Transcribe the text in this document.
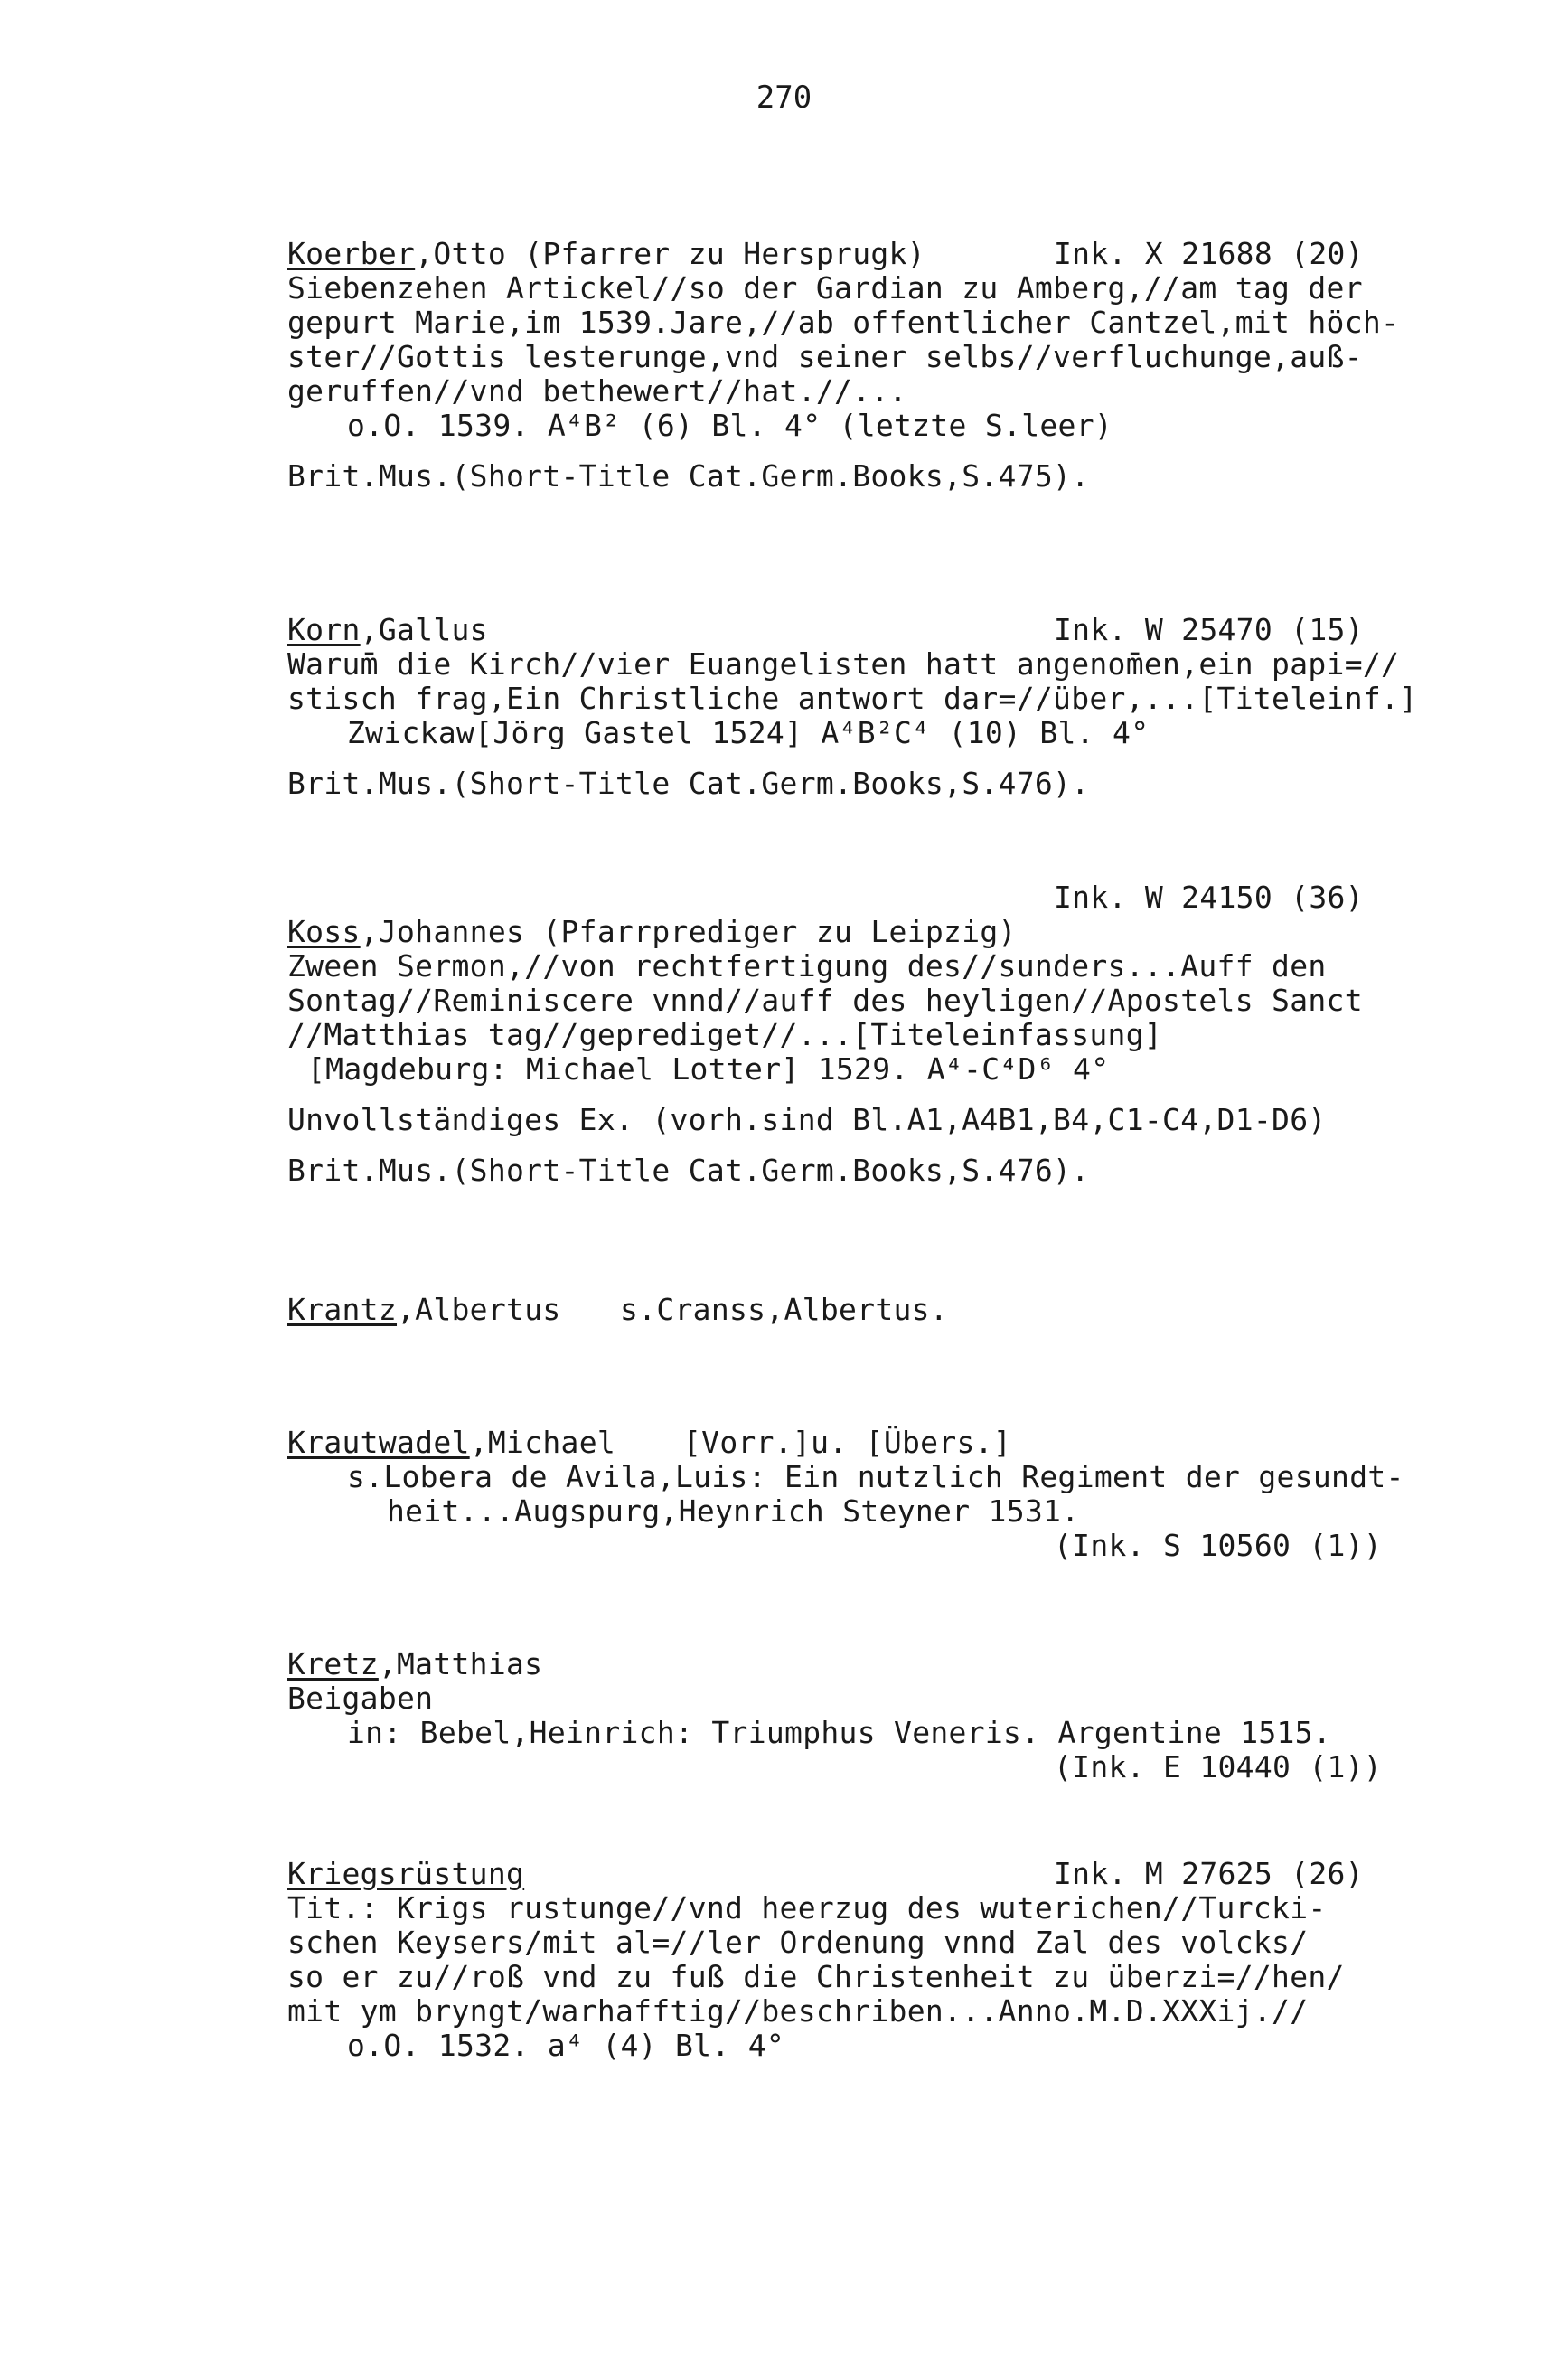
270
Koerber,Otto (Pfarrer zu Hersprugk)	Ink. X 21688 (20)
Siebenzehen Artickel//so der Gardian zu Amberg,//am tag der
gepurt Marie,im 1539.Jare,//ab offentlicher Cantzel,mit höch-
ster//Gottis lesterunge,vnd seiner selbs//verfluchunge,auß-
geruffen//vnd bethewert//hat.//...
o.O. 1539. A⁴B² (6) Bl. 4° (letzte S.leer)
Brit.Mus.(Short-Title Cat.Germ.Books,S.475).
Korn,Gallus	Ink. W 25470 (15)
Warum̄ die Kirch//vier Euangelisten hatt angenom̄en,ein papi=//
stisch frag,Ein Christliche antwort dar=//über,...[Titeleinf.]
Zwickaw[Jörg Gastel 1524] A⁴B²C⁴ (10) Bl. 4°
Brit.Mus.(Short-Title Cat.Germ.Books,S.476).
Ink. W 24150 (36)
Koss,Johannes (Pfarrprediger zu Leipzig)
Zween Sermon,//von rechtfertigung des//sunders...Auff den
Sontag//Reminiscere vnnd//auff des heyligen//Apostels Sanct
//Matthias tag//geprediget//...[Titeleinfassung]
[Magdeburg: Michael Lotter] 1529. A⁴-C⁴D⁶ 4°
Unvollständiges Ex. (vorh.sind Bl.A1,A4B1,B4,C1-C4,D1-D6)
Brit.Mus.(Short-Title Cat.Germ.Books,S.476).
Krantz,Albertus s.Cranss,Albertus.
Krautwadel,Michael [Vorr.]u. [Übers.]
s.Lobera de Avila,Luis: Ein nutzlich Regiment der gesundt-
heit...Augspurg,Heynrich Steyner 1531.
(Ink. S 10560 (1))
Kretz,Matthias
Beigaben
in: Bebel,Heinrich: Triumphus Veneris. Argentine 1515.
(Ink. E 10440 (1))
Kriegsrüstung	Ink. M 27625 (26)
Tit.: Krigs rustunge//vnd heerzug des wuterichen//Turcki-
schen Keysers/mit al=//ler Ordenung vnnd Zal des volcks/
so er zu//roß vnd zu fuß die Christenheit zu überzi=//hen/
mit ym bryngt/warhafftig//beschriben...Anno.M.D.XXXij.//
o.O. 1532. a⁴ (4) Bl. 4°
